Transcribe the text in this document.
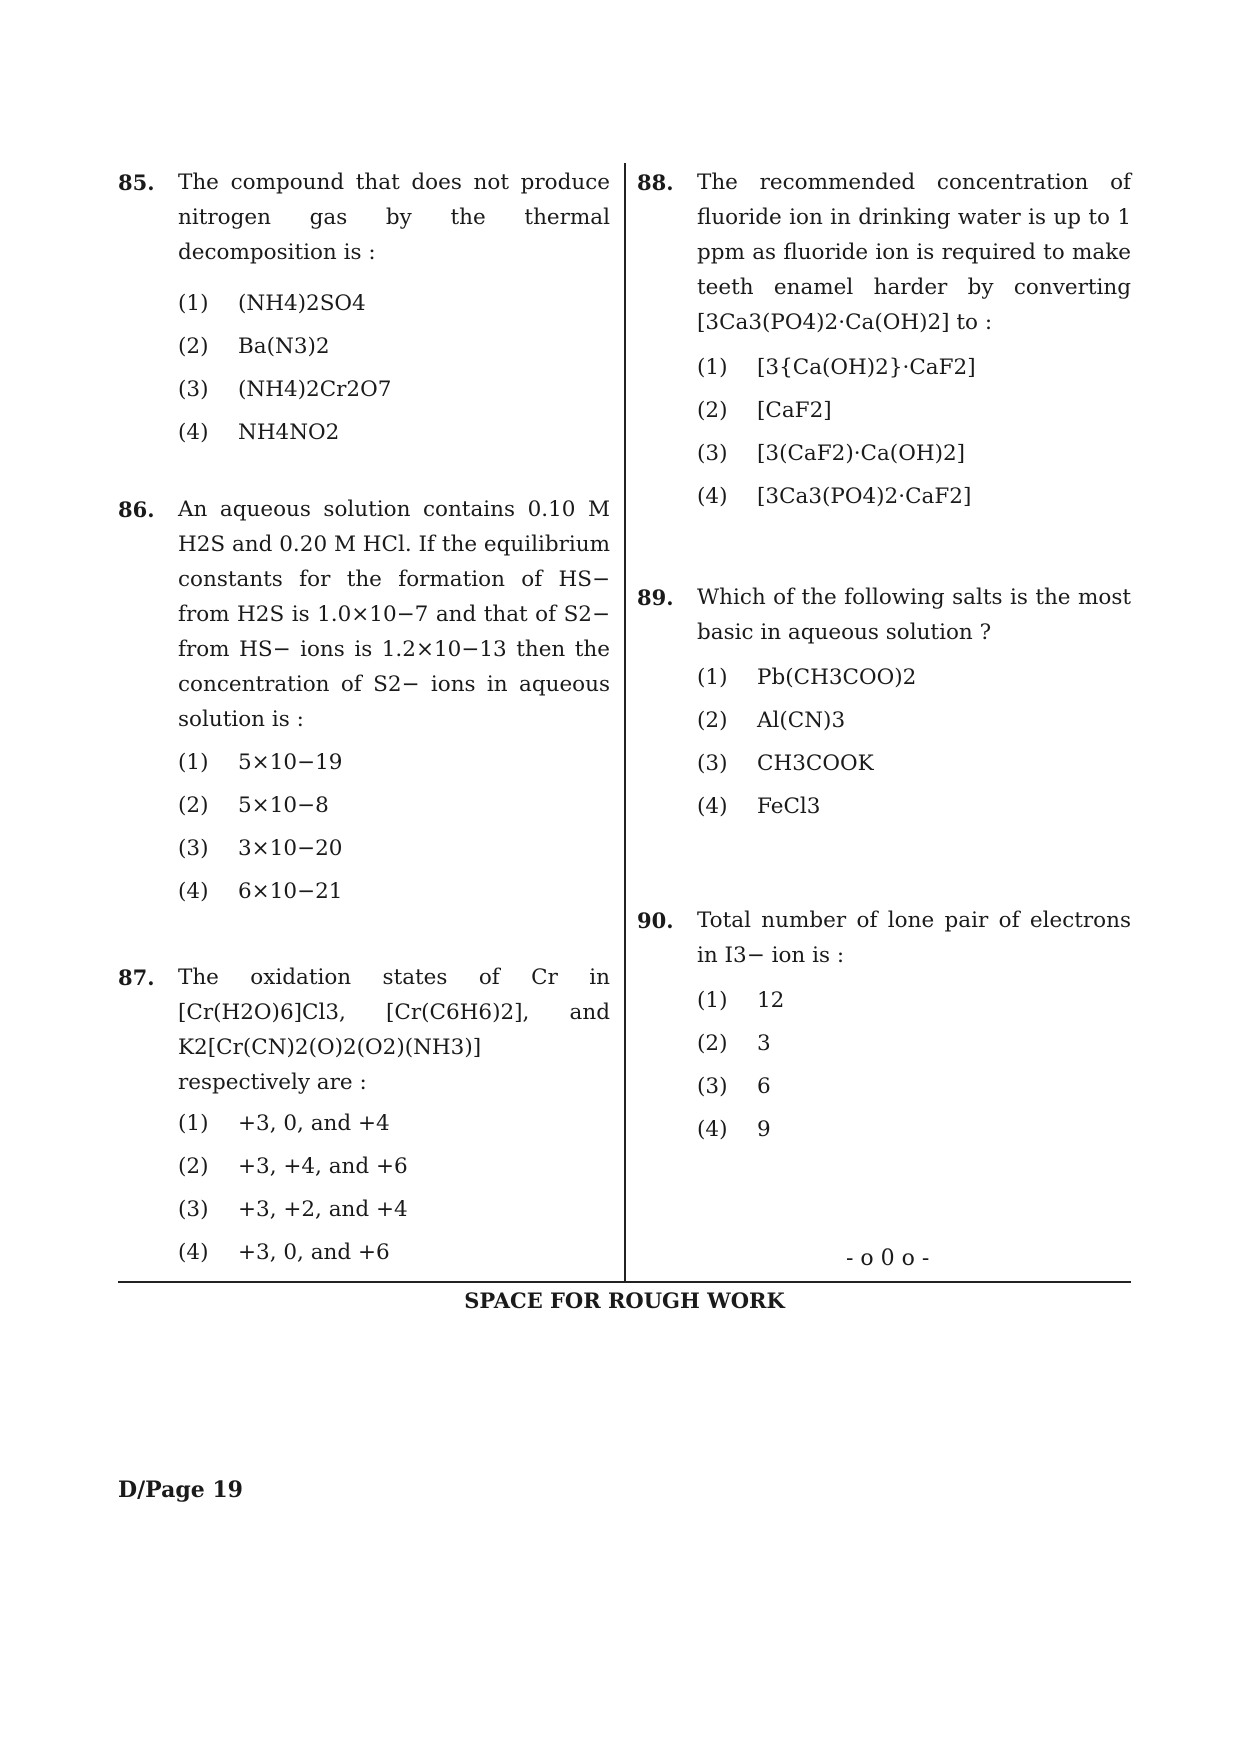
85.	The compound that does not produce nitrogen gas by the thermal decomposition is :
(1)	(NH4)2SO4
(2)	Ba(N3)2
(3)	(NH4)2Cr2O7
(4)	NH4NO2
86.	An aqueous solution contains 0.10 M H2S and 0.20 M HCl. If the equilibrium constants for the formation of HS− from H2S is 1.0×10−7 and that of S2− from HS− ions is 1.2×10−13 then the concentration of S2− ions in aqueous solution is :
(1)	5×10−19
(2)	5×10−8
(3)	3×10−20
(4)	6×10−21
87.	The oxidation states of Cr in [Cr(H2O)6]Cl3, [Cr(C6H6)2], and K2[Cr(CN)2(O)2(O2)(NH3)] respectively are :
(1)	+3, 0, and +4
(2)	+3, +4, and +6
(3)	+3, +2, and +4
(4)	+3, 0, and +6
88.	The recommended concentration of fluoride ion in drinking water is up to 1 ppm as fluoride ion is required to make teeth enamel harder by converting [3Ca3(PO4)2·Ca(OH)2] to :
(1)	[3{Ca(OH)2}·CaF2]
(2)	[CaF2]
(3)	[3(CaF2)·Ca(OH)2]
(4)	[3Ca3(PO4)2·CaF2]
89.	Which of the following salts is the most basic in aqueous solution ?
(1)	Pb(CH3COO)2
(2)	Al(CN)3
(3)	CH3COOK
(4)	FeCl3
90.	Total number of lone pair of electrons in I3− ion is :
(1)	12
(2)	3
(3)	6
(4)	9
- o 0 o -
SPACE FOR ROUGH WORK
D/Page 19
